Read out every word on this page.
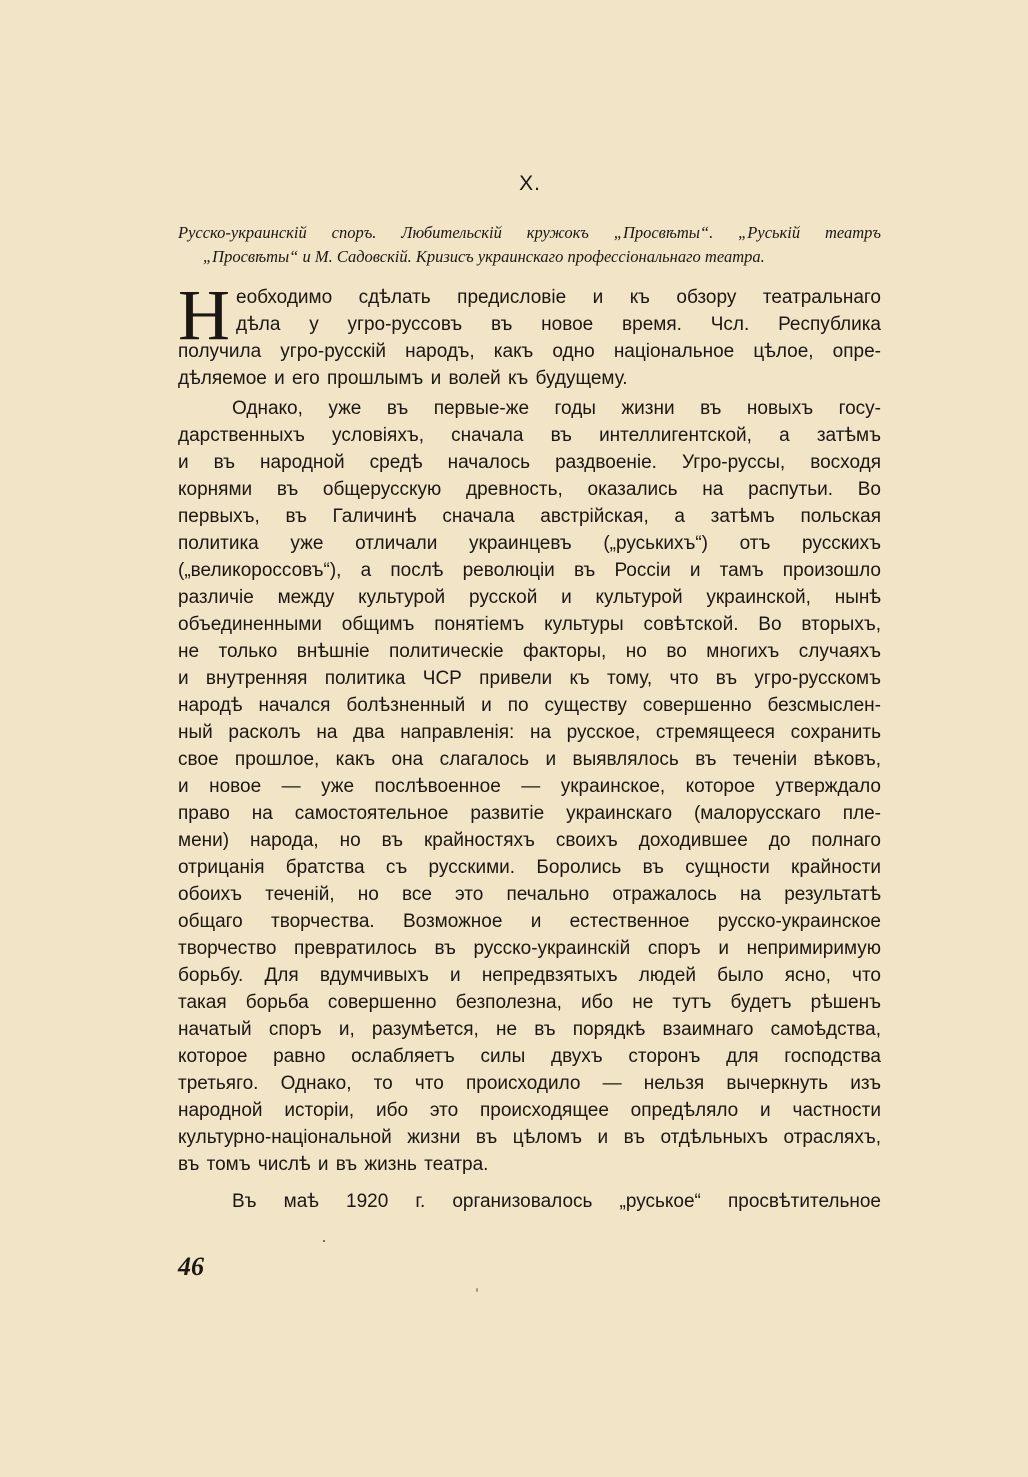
X.
Русско-украинскій споръ. Любительскій кружокъ „Просвѣты“. „Руськiй театръ
„Просвѣты“ и М. Садовскій. Кризисъ украинскаго профессіональнаго театра.
Н еобходимо сдѣлать предисловіе и къ обзору театральнаго
дѣла у угро-руссовъ въ новое время. Чсл. Республика
получила угро-русскій народъ, какъ одно національное цѣлое, опре-
дѣляемое и его прошлымъ и волей къ будущему.
Однако, уже въ первые-же годы жизни въ новыхъ госу-
дарственныхъ условіяхъ, сначала въ интеллигентской, а затѣмъ
и въ народной средѣ началось раздвоеніе. Угро-руссы, восходя
корнями въ общерусскую древность, оказались на распутьи. Во
первыхъ, въ Галичинѣ сначала австрійская, а затѣмъ польская
политика уже отличали украинцевъ („руськихъ“) отъ русскихъ
(„великороссовъ“), а послѣ революціи въ Россіи и тамъ произошло
различіе между культурой русской и культурой украинской, нынѣ
объединенными общимъ понятіемъ культуры совѣтской. Во вторыхъ,
не только внѣшніе политическіе факторы, но во многихъ случаяхъ
и внутренняя политика ЧСР привели къ тому, что въ угро-русскомъ
народѣ начался болѣзненный и по существу совершенно безсмыслен-
ный расколъ на два направленія: на русское, стремящееся сохранить
свое прошлое, какъ она слагалось и выявлялось въ теченіи вѣковъ,
и новое — уже послѣвоенное — украинское, которое утверждало
право на самостоятельное развитіе украинскаго (малорусскаго пле-
мени) народа, но въ крайностяхъ своихъ доходившее до полнаго
отрицанія братства съ русскими. Боролись въ сущности крайности
обоихъ теченій, но все это печально отражалось на результатѣ
общаго творчества. Возможное и естественное русско-украинское
творчество превратилось въ русско-украинскій споръ и непримиримую
борьбу. Для вдумчивыхъ и непредвзятыхъ людей было ясно, что
такая борьба совершенно безполезна, ибо не тутъ будетъ рѣшенъ
начатый споръ и, разумѣется, не въ порядкѣ взаимнаго самоѣдства,
которое равно ослабляетъ силы двухъ сторонъ для господства
третьяго. Однако, то что происходило — нельзя вычеркнуть изъ
народной исторіи, ибо это происходящее опредѣляло и частности
культурно-національной жизни въ цѣломъ и въ отдѣльныхъ отрасляхъ,
въ томъ числѣ и въ жизнь театра.
Въ маѣ 1920 г. организовалось „руськое“ просвѣтительное
46
